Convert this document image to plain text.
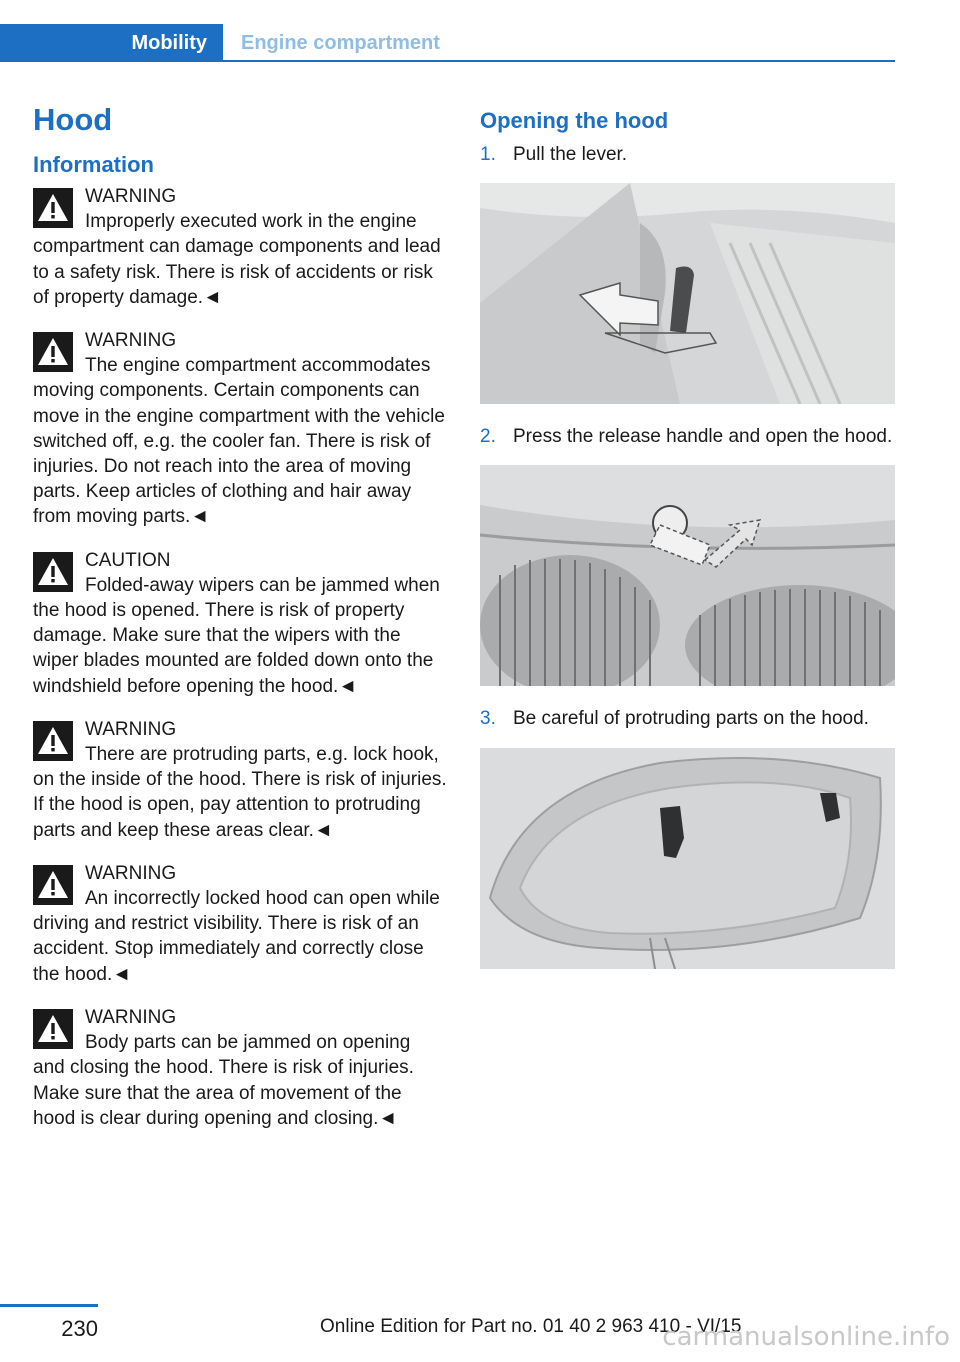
Mobility Engine compartment
Hood
Information
WARNING
Improperly executed work in the engine compartment can damage components and lead to a safety risk. There is risk of accidents or risk of property damage.◄
WARNING
The engine compartment accommodates moving components. Certain components can move in the engine compartment with the vehicle switched off, e.g. the cooler fan. There is risk of injuries. Do not reach into the area of moving parts. Keep articles of clothing and hair away from moving parts.◄
CAUTION
Folded-away wipers can be jammed when the hood is opened. There is risk of property damage. Make sure that the wipers with the wiper blades mounted are folded down onto the windshield before opening the hood.◄
WARNING
There are protruding parts, e.g. lock hook, on the inside of the hood. There is risk of injuries. If the hood is open, pay attention to protruding parts and keep these areas clear.◄
WARNING
An incorrectly locked hood can open while driving and restrict visibility. There is risk of an accident. Stop immediately and correctly close the hood.◄
WARNING
Body parts can be jammed on opening and closing the hood. There is risk of injuries. Make sure that the area of movement of the hood is clear during opening and closing.◄
Opening the hood
1. Pull the lever.
2. Press the release handle and open the hood.
3. Be careful of protruding parts on the hood.
230	Online Edition for Part no. 01 40 2 963 410 - VI/15
carmanualsonline.info
